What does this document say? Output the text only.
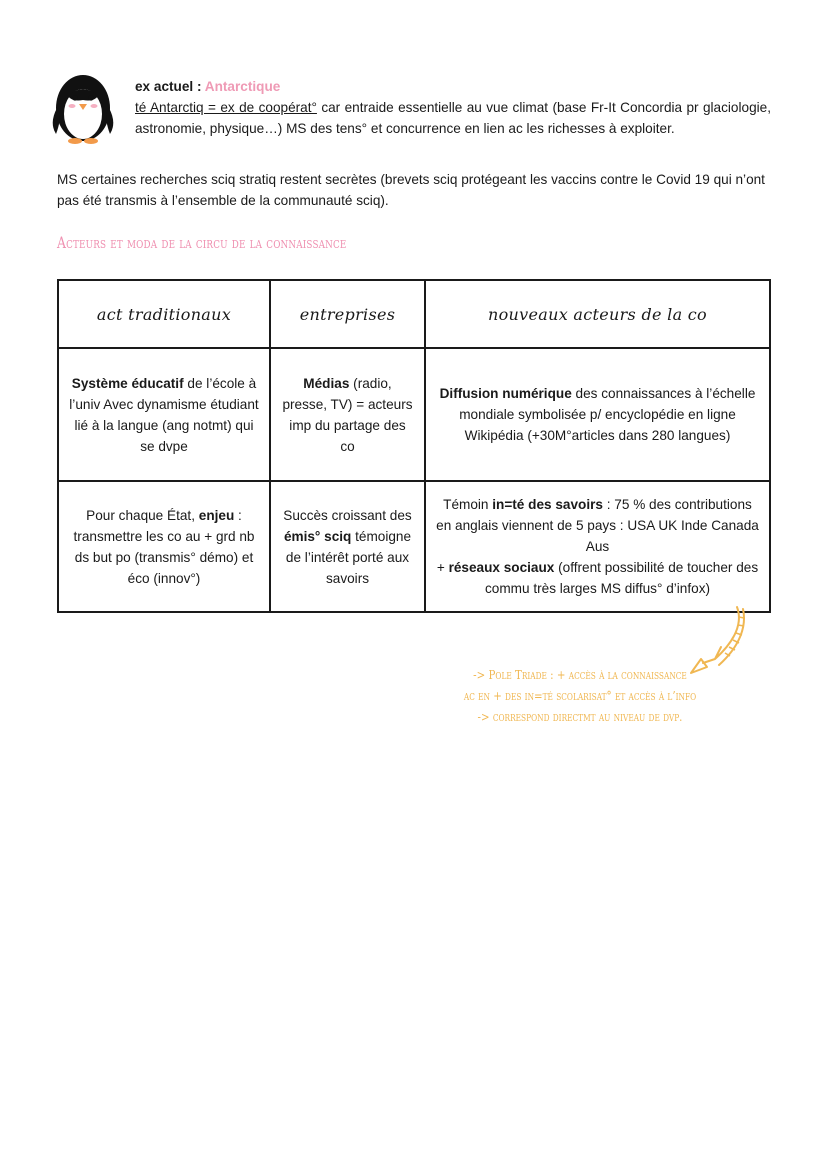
ex actuel : Antarctique
té Antarctiq = ex de coopérat° car entraide essentielle au vue climat (base Fr-It Concordia pr glaciologie, astronomie, physique…) MS des tens° et concurrence en lien ac les richesses à exploiter.
MS certaines recherches sciq stratiq restent secrètes (brevets sciq protégeant les vaccins contre le Covid 19 qui n’ont pas été transmis à l’ensemble de la communauté sciq).
Acteurs et moda de la circu de la connaissance
act traditionaux	entreprises	nouveaux acteurs de la co
Système éducatif de l’école à l’univ Avec dynamisme étudiant lié à la langue (ang notmt) qui se dvpe	Médias (radio, presse, TV) = acteurs imp du partage des co	Diffusion numérique des connaissances à l’échelle mondiale symbolisée p/ encyclopédie en ligne Wikipédia (+30M°articles dans 280 langues)
Pour chaque État, enjeu : transmettre les co au + grd nb ds but po (transmis° démo) et éco (innov°)	Succès croissant des émis° sciq témoigne de l’intérêt porté aux savoirs	Témoin in=té des savoirs : 75 % des contributions en anglais viennent de 5 pays : USA UK Inde Canada Aus
+ réseaux sociaux (offrent possibilité de toucher des commu très larges MS diffus° d’infox)
-> Pole Triade : + accès à la connaissance
ac en + des in=té scolarisat° et accès à l’info
-> correspond directmt au niveau de dvp.
